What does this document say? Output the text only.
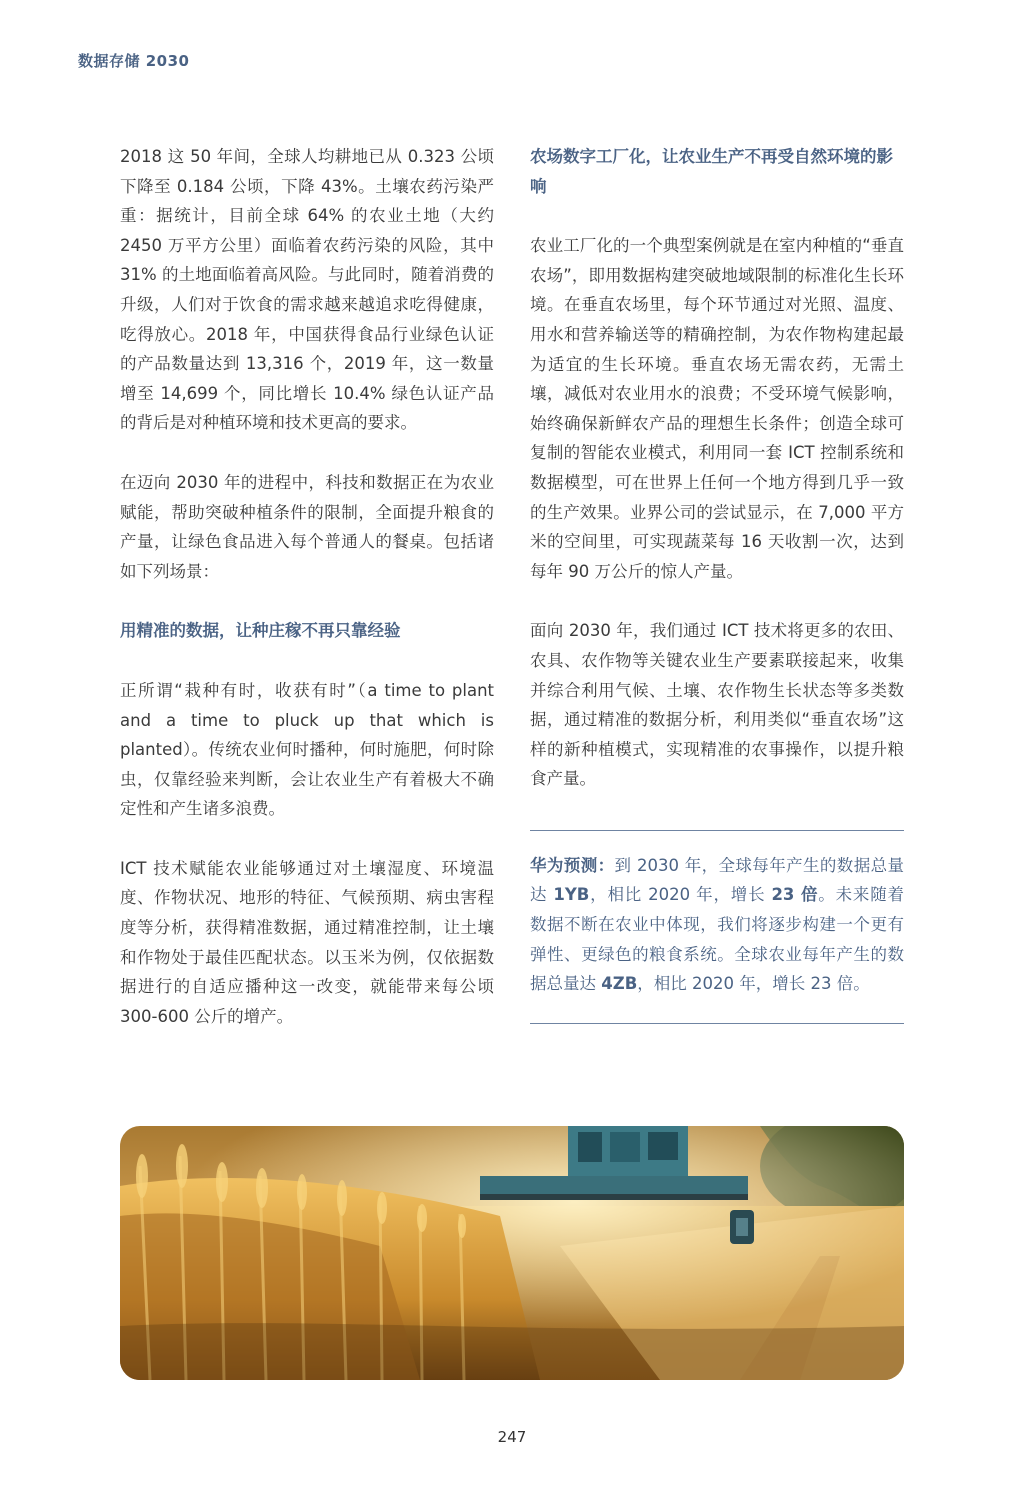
数据存储 2030

2018 这 50 年间，全球人均耕地已从 0.323 公顷下降至 0.184 公顷，下降 43%。土壤农药污染严重：据统计，目前全球 64% 的农业土地（大约 2450 万平方公里）面临着农药污染的风险，其中 31% 的土地面临着高风险。与此同时，随着消费的升级，人们对于饮食的需求越来越追求吃得健康，吃得放心。2018 年，中国获得食品行业绿色认证的产品数量达到 13,316 个，2019 年，这一数量增至 14,699 个，同比增长 10.4% 绿色认证产品的背后是对种植环境和技术更高的要求。

在迈向 2030 年的进程中，科技和数据正在为农业赋能，帮助突破种植条件的限制，全面提升粮食的产量，让绿色食品进入每个普通人的餐桌。包括诸如下列场景：

用精准的数据，让种庄稼不再只靠经验

正所谓“栽种有时，收获有时”（a time to plant and a time to pluck up that which is planted）。传统农业何时播种，何时施肥，何时除虫，仅靠经验来判断，会让农业生产有着极大不确定性和产生诸多浪费。

ICT 技术赋能农业能够通过对土壤湿度、环境温度、作物状况、地形的特征、气候预期、病虫害程度等分析，获得精准数据，通过精准控制，让土壤和作物处于最佳匹配状态。以玉米为例，仅依据数据进行的自适应播种这一改变，就能带来每公顷 300-600 公斤的增产。

农场数字工厂化，让农业生产不再受自然环境的影响

农业工厂化的一个典型案例就是在室内种植的“垂直农场”，即用数据构建突破地域限制的标准化生长环境。在垂直农场里，每个环节通过对光照、温度、用水和营养输送等的精确控制，为农作物构建起最为适宜的生长环境。垂直农场无需农药，无需土壤，减低对农业用水的浪费；不受环境气候影响，始终确保新鲜农产品的理想生长条件；创造全球可复制的智能农业模式，利用同一套 ICT 控制系统和数据模型，可在世界上任何一个地方得到几乎一致的生产效果。业界公司的尝试显示，在 7,000 平方米的空间里，可实现蔬菜每 16 天收割一次，达到每年 90 万公斤的惊人产量。

面向 2030 年，我们通过 ICT 技术将更多的农田、农具、农作物等关键农业生产要素联接起来，收集并综合利用气候、土壤、农作物生长状态等多类数据，通过精准的数据分析，利用类似“垂直农场”这样的新种植模式，实现精准的农事操作，以提升粮食产量。

华为预测：到 2030 年，全球每年产生的数据总量达 1YB，相比 2020 年，增长 23 倍。未来随着数据不断在农业中体现，我们将逐步构建一个更有弹性、更绿色的粮食系统。全球农业每年产生的数据总量达 4ZB，相比 2020 年，增长 23 倍。

247
